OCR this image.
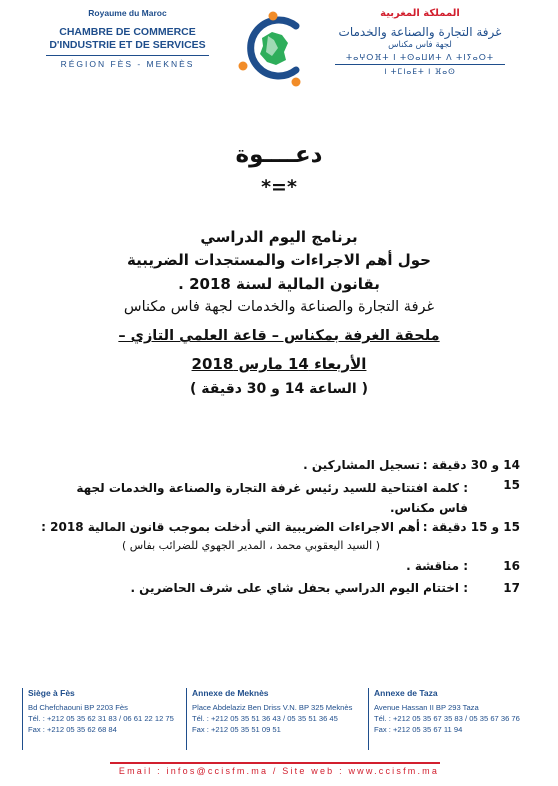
Royaume du Maroc
CHAMBRE DE COMMERCE
D'INDUSTRIE ET DE SERVICES
RÉGION FÈS - MEKNÈS
المملكة المغربية
غرفة التجارة والصناعة والخدمات
لجهة فاس مكناس
ⵜⴰⵖⵔⴼⵜ ⵏ ⵜⵙⴰⵡⵍⵜ ⴷ ⵜⵏⵢⴰⵔⵜ
ⵏ ⵜⵎⵏⴰⴹⵜ ⵏ ⴼⴰⵙ
دعــــوة
*=*
برنامج اليوم الدراسي
حول أهم الاجراءات والمستجدات الضريبية
بقانون المالية لسنة 2018 .
غرفة التجارة والصناعة والخدمات لجهة فاس مكناس
ملحقة الغرفة بمكناس – قاعة العلمي التازي –
الأربعاء 14 مارس 2018
( الساعة 14 و 30 دقيقة )
14 و 30 دقيقة :
تسجيل المشاركين .
15
: كلمة افتتاحية للسيد رئيس غرفة التجارة والصناعة والخدمات لجهة فاس مكناس.
15 و 15 دقيقة :
أهم الاجراءات الضريبية التي أدخلت بموجب قانون المالية 2018 :
( السيد اليعقوبي محمد ، المدير الجهوي للضرائب بفاس )
16
: مناقشة .
17
: اختتام اليوم الدراسي بحفل شاي على شرف الحاضرين .
Siège à Fès
Bd Chefchaouni BP 2203 Fès
Tél. : +212 05 35 62 31 83 / 06 61 22 12 75
Fax : +212 05 35 62 68 84
Annexe de Meknès
Place Abdelaziz Ben Driss V.N. BP 325 Meknès
Tél. : +212 05 35 51 36 43 / 05 35 51 36 45
Fax : +212 05 35 51 09 51
Annexe de Taza
Avenue Hassan II BP 293 Taza
Tél. : +212 05 35 67 35 83 / 05 35 67 36 76
Fax : +212 05 35 67 11 94
Email : infos@ccisfm.ma / Site web : www.ccisfm.ma
